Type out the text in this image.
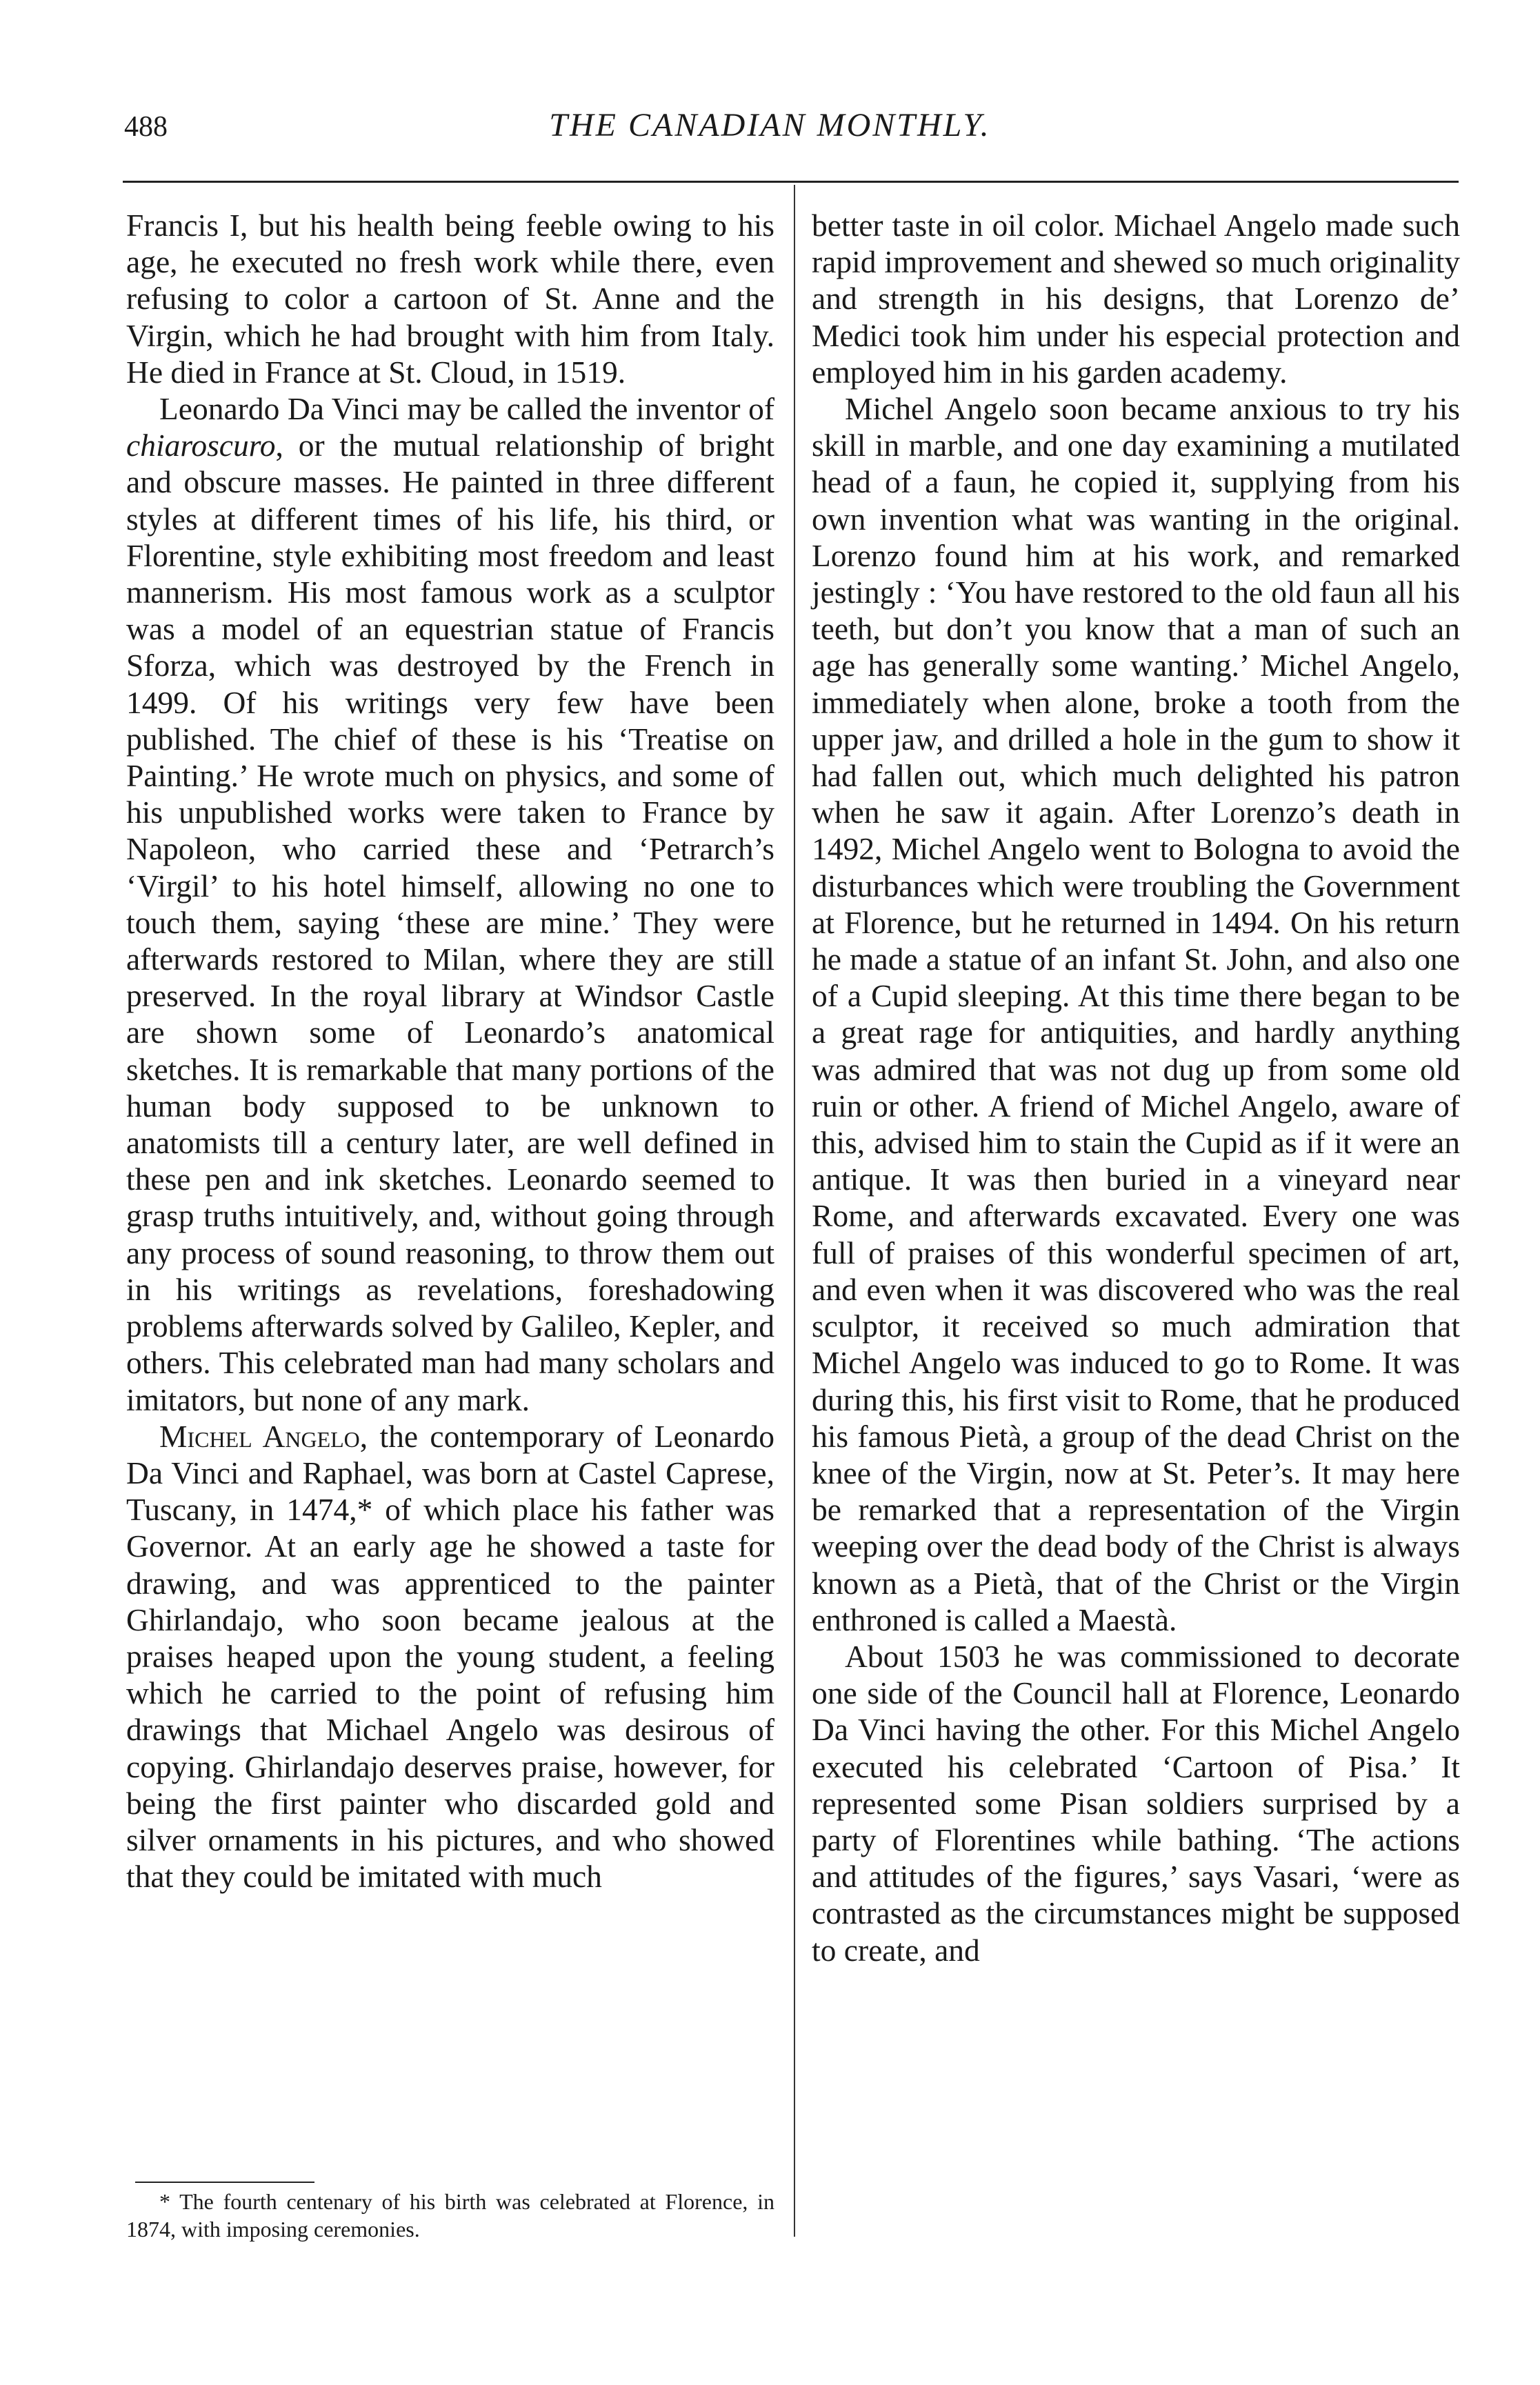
488	THE CANADIAN MONTHLY.

Francis I, but his health being feeble owing to his age, he executed no fresh work while there, even refusing to color a cartoon of St. Anne and the Virgin, which he had brought with him from Italy. He died in France at St. Cloud, in 1519.

Leonardo Da Vinci may be called the inventor of chiaroscuro, or the mutual relationship of bright and obscure masses. He painted in three different styles at different times of his life, his third, or Florentine, style exhibiting most freedom and least mannerism. His most famous work as a sculptor was a model of an equestrian statue of Francis Sforza, which was destroyed by the French in 1499. Of his writings very few have been published. The chief of these is his ‘Treatise on Painting.’ He wrote much on physics, and some of his unpublished works were taken to France by Napoleon, who carried these and ‘Petrarch’s ‘Virgil’ to his hotel himself, allowing no one to touch them, saying ‘these are mine.’ They were afterwards restored to Milan, where they are still preserved. In the royal library at Windsor Castle are shown some of Leonardo’s anatomical sketches. It is remarkable that many portions of the human body supposed to be unknown to anatomists till a century later, are well defined in these pen and ink sketches. Leonardo seemed to grasp truths intuitively, and, without going through any process of sound reasoning, to throw them out in his writings as revelations, foreshadowing problems afterwards solved by Galileo, Kepler, and others. This celebrated man had many scholars and imitators, but none of any mark.

Michel Angelo, the contemporary of Leonardo Da Vinci and Raphael, was born at Castel Caprese, Tuscany, in 1474,* of which place his father was Governor. At an early age he showed a taste for drawing, and was apprenticed to the painter Ghirlandajo, who soon became jealous at the praises heaped upon the young student, a feeling which he carried to the point of refusing him drawings that Michael Angelo was desirous of copying. Ghirlandajo deserves praise, however, for being the first painter who discarded gold and silver ornaments in his pictures, and who showed that they could be imitated with much

* The fourth centenary of his birth was celebrated at Florence, in 1874, with imposing ceremonies.

better taste in oil color. Michael Angelo made such rapid improvement and shewed so much originality and strength in his designs, that Lorenzo de’ Medici took him under his especial protection and employed him in his garden academy.

Michel Angelo soon became anxious to try his skill in marble, and one day examining a mutilated head of a faun, he copied it, supplying from his own invention what was wanting in the original. Lorenzo found him at his work, and remarked jestingly : ‘You have restored to the old faun all his teeth, but don’t you know that a man of such an age has generally some wanting.’ Michel Angelo, immediately when alone, broke a tooth from the upper jaw, and drilled a hole in the gum to show it had fallen out, which much delighted his patron when he saw it again. After Lorenzo’s death in 1492, Michel Angelo went to Bologna to avoid the disturbances which were troubling the Government at Florence, but he returned in 1494. On his return he made a statue of an infant St. John, and also one of a Cupid sleeping. At this time there began to be a great rage for antiquities, and hardly anything was admired that was not dug up from some old ruin or other. A friend of Michel Angelo, aware of this, advised him to stain the Cupid as if it were an antique. It was then buried in a vineyard near Rome, and afterwards excavated. Every one was full of praises of this wonderful specimen of art, and even when it was discovered who was the real sculptor, it received so much admiration that Michel Angelo was induced to go to Rome. It was during this, his first visit to Rome, that he produced his famous Pietà, a group of the dead Christ on the knee of the Virgin, now at St. Peter’s. It may here be remarked that a representation of the Virgin weeping over the dead body of the Christ is always known as a Pietà, that of the Christ or the Virgin enthroned is called a Maestà.

About 1503 he was commissioned to decorate one side of the Council hall at Florence, Leonardo Da Vinci having the other. For this Michel Angelo executed his celebrated ‘Cartoon of Pisa.’ It represented some Pisan soldiers surprised by a party of Florentines while bathing. ‘The actions and attitudes of the figures,’ says Vasari, ‘were as contrasted as the circumstances might be supposed to create, and
